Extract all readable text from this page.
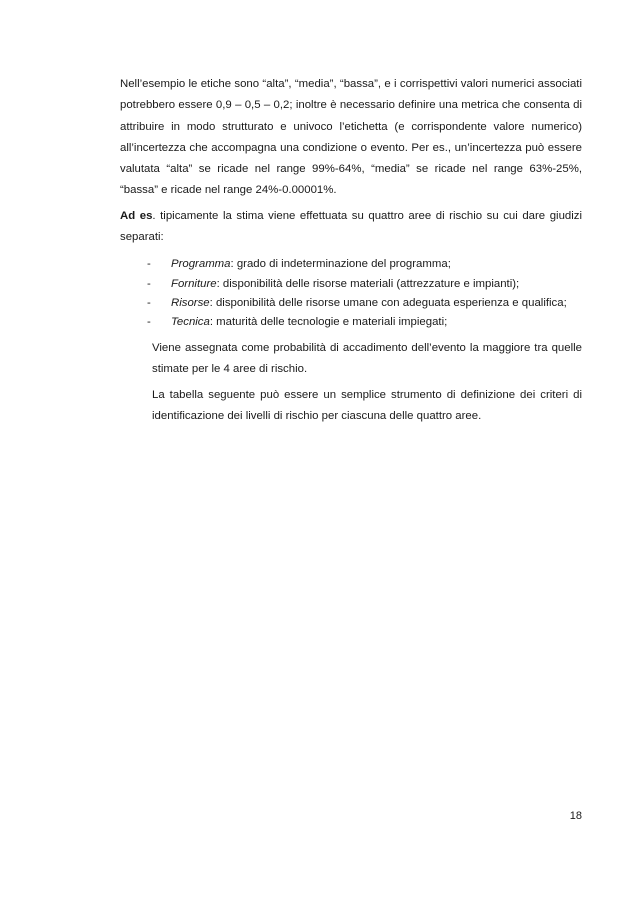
Nell’esempio le etiche sono “alta”, “media”, “bassa”, e i corrispettivi valori numerici associati potrebbero essere 0,9 – 0,5 – 0,2; inoltre è necessario definire una metrica che consenta di attribuire in modo strutturato e univoco l’etichetta (e corrispondente valore numerico) all’incertezza che accompagna una condizione o evento. Per es., un’incertezza può essere valutata “alta” se ricade nel range 99%-64%, “media” se ricade nel range 63%-25%, “bassa” e ricade nel range 24%-0.00001%.

Ad es. tipicamente la stima viene effettuata su quattro aree di rischio su cui dare giudizi separati:

- Programma: grado di indeterminazione del programma;
- Forniture: disponibilità delle risorse materiali (attrezzature e impianti);
- Risorse: disponibilità delle risorse umane con adeguata esperienza e qualifica;
- Tecnica: maturità delle tecnologie e materiali impiegati;

Viene assegnata come probabilità di accadimento dell’evento la maggiore tra quelle stimate per le 4 aree di rischio.

La tabella seguente può essere un semplice strumento di definizione dei criteri di identificazione dei livelli di rischio per ciascuna delle quattro aree.

18
